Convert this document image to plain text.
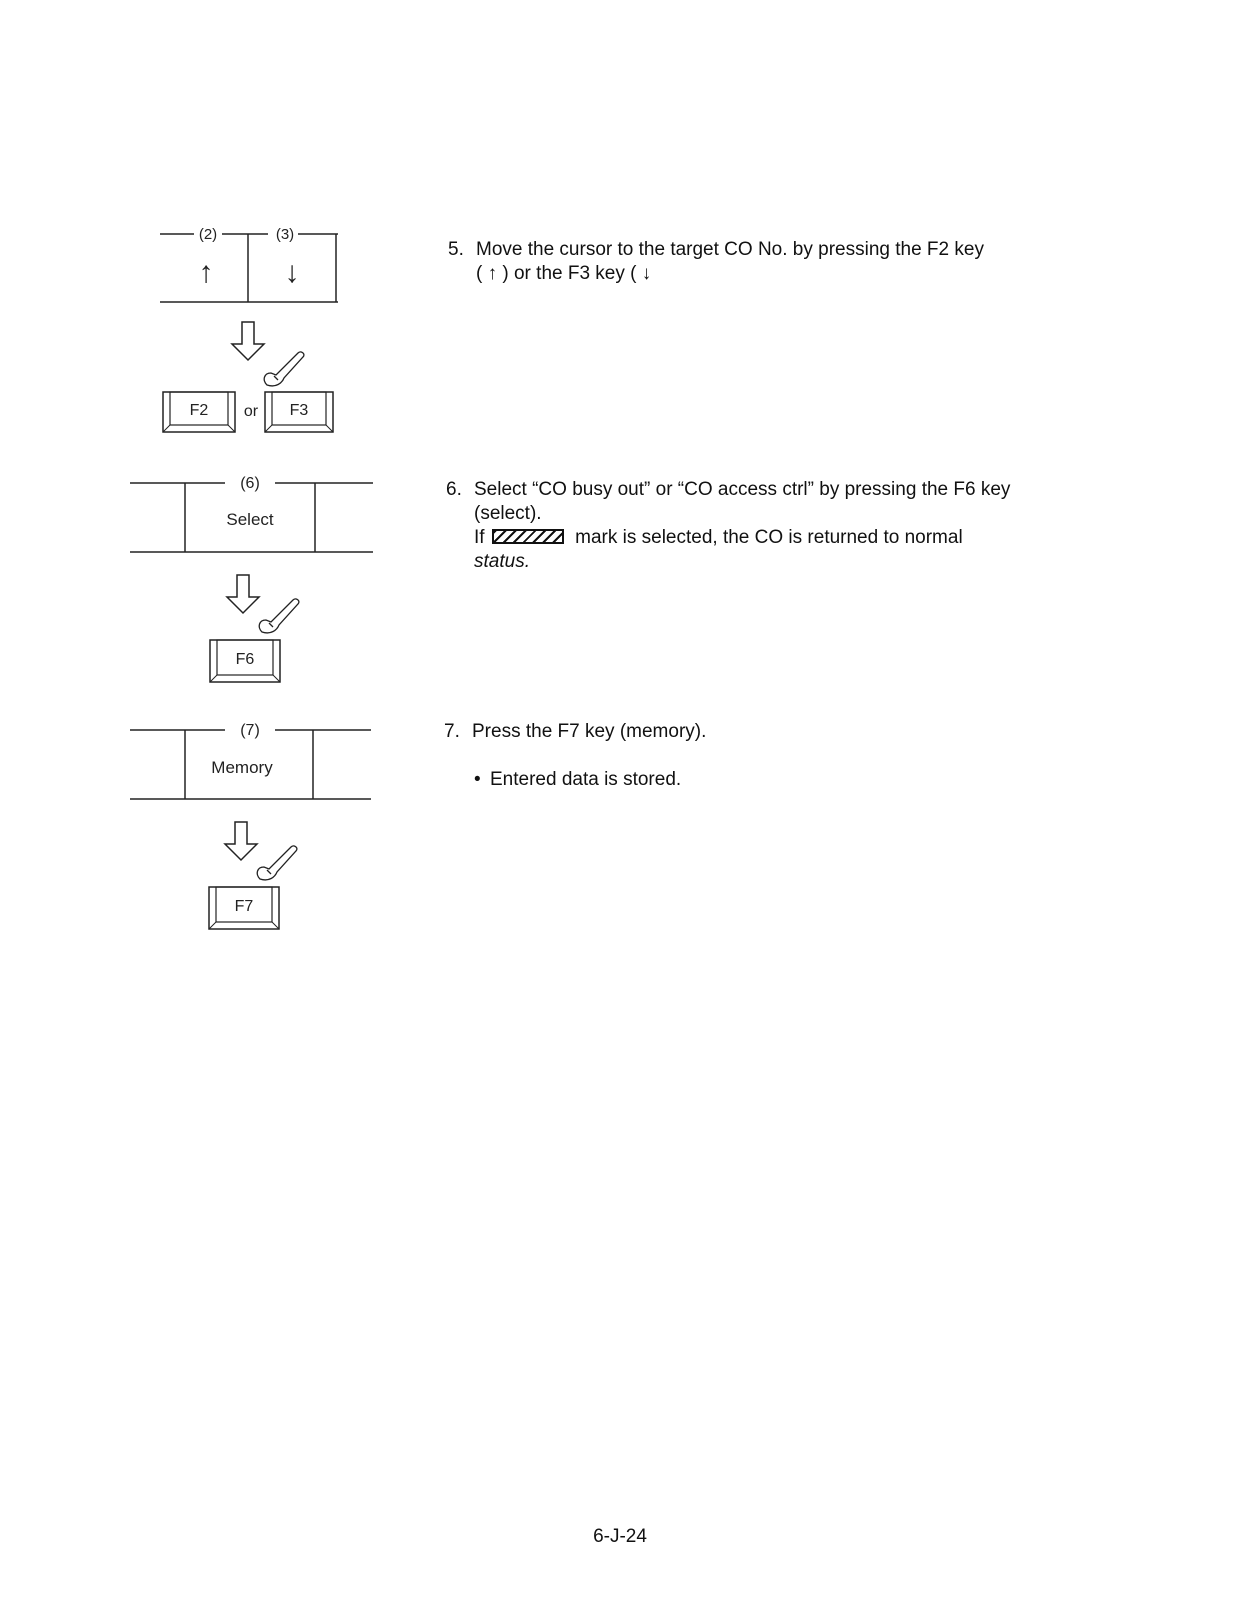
(2)	(3)
↑ ↓
F2 or F3
(6)
Select
F6
(7)
Memory
F7
5. Move the cursor to the target CO No. by pressing the F2 key
( ↑ ) or the F3 key ( ↓
6. Select “CO busy out” or “CO access ctrl” by pressing the F6 key
(select).
If	mark is selected, the CO is returned to normal
status.
7. Press the F7 key (memory).
• Entered data is stored.
6-J-24
